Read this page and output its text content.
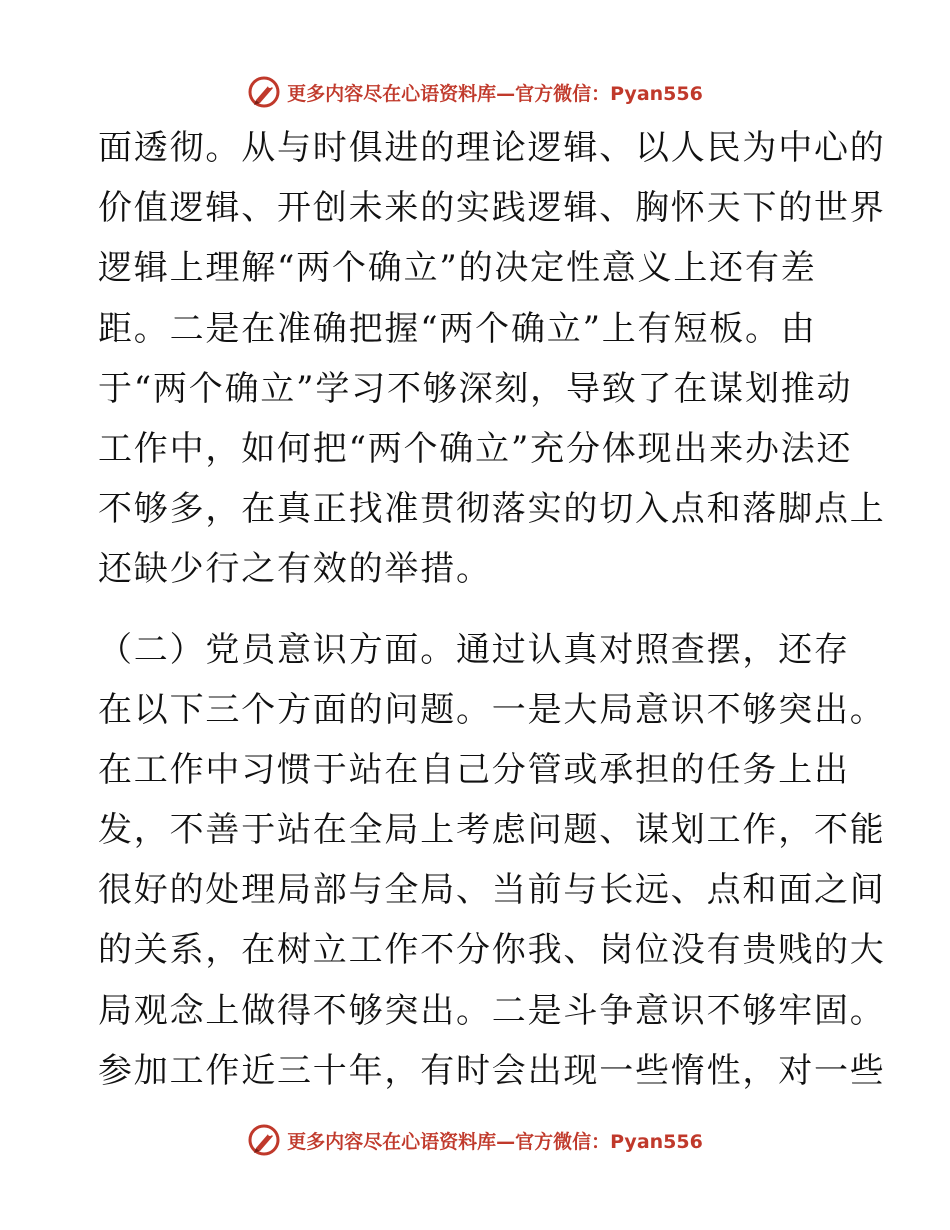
更多内容尽在心语资料库—官方微信：Pyan556
面透彻。从与时俱进的理论逻辑、以人民为中心的
价值逻辑、开创未来的实践逻辑、胸怀天下的世界
逻辑上理解“两个确立”的决定性意义上还有差
距。二是在准确把握“两个确立”上有短板。由
于“两个确立”学习不够深刻，导致了在谋划推动
工作中，如何把“两个确立”充分体现出来办法还
不够多，在真正找准贯彻落实的切入点和落脚点上
还缺少行之有效的举措。
（二）党员意识方面。通过认真对照查摆，还存
在以下三个方面的问题。一是大局意识不够突出。
在工作中习惯于站在自己分管或承担的任务上出
发，不善于站在全局上考虑问题、谋划工作，不能
很好的处理局部与全局、当前与长远、点和面之间
的关系，在树立工作不分你我、岗位没有贵贱的大
局观念上做得不够突出。二是斗争意识不够牢固。
参加工作近三十年，有时会出现一些惰性，对一些
更多内容尽在心语资料库—官方微信：Pyan556
